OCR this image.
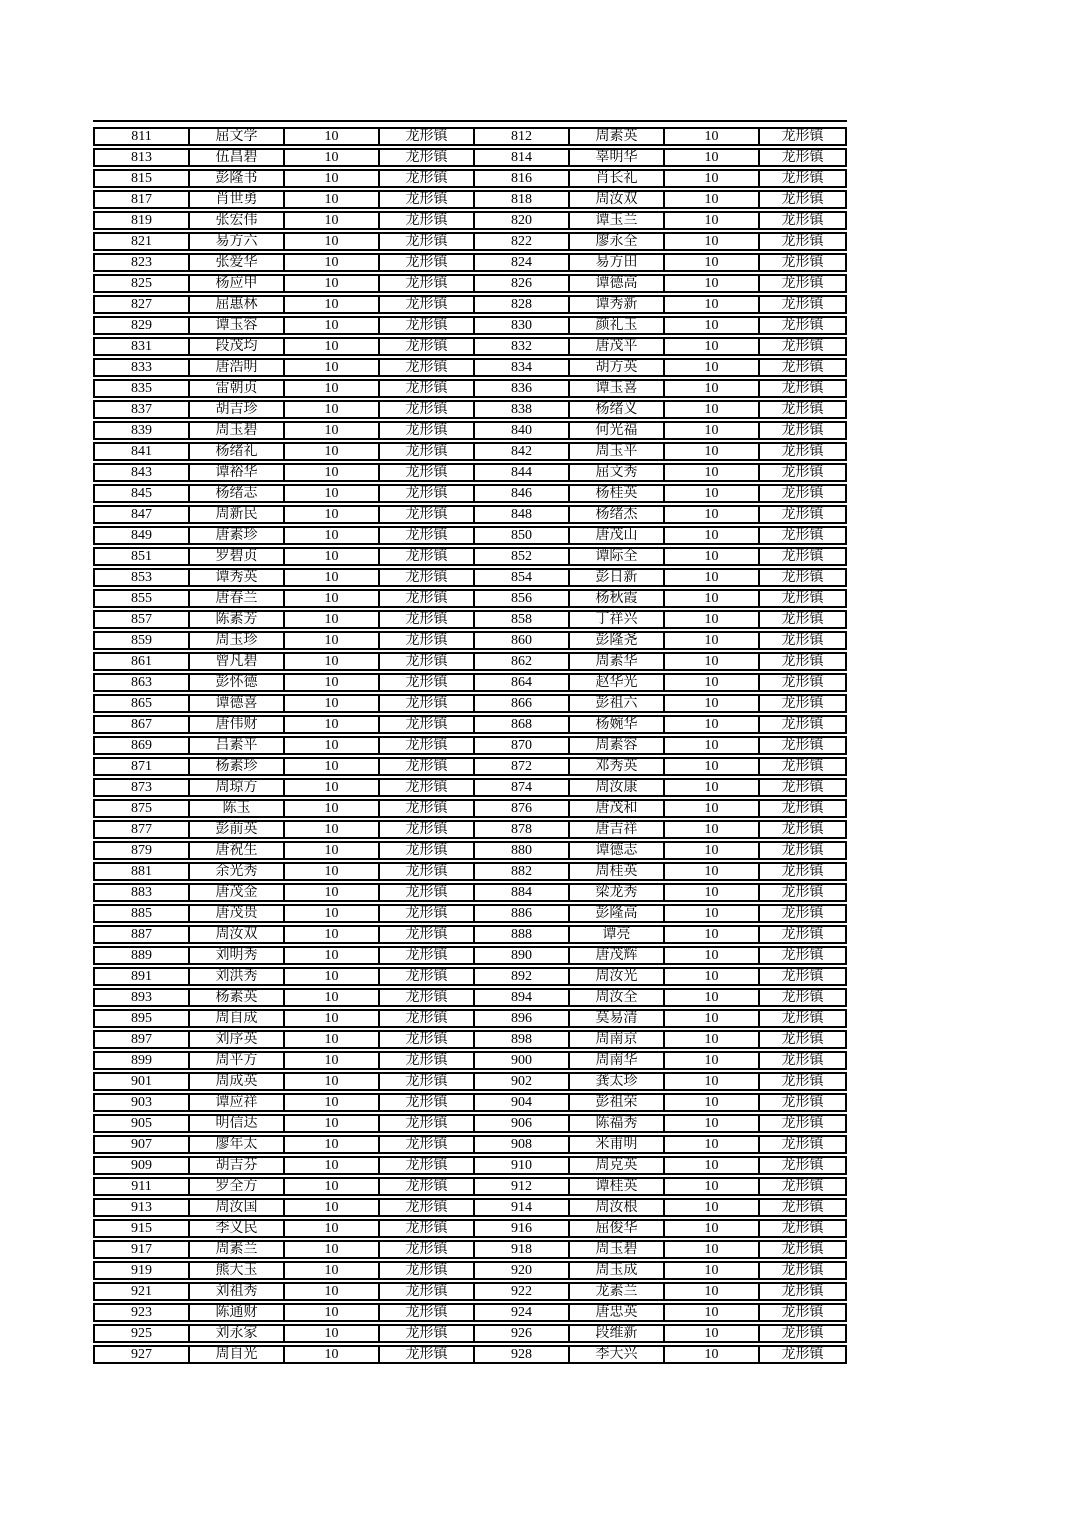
811	屈文学	10	龙形镇	812	周素英	10	龙形镇
813	伍昌碧	10	龙形镇	814	辜明华	10	龙形镇
815	彭隆书	10	龙形镇	816	肖长礼	10	龙形镇
817	肖世勇	10	龙形镇	818	周汝双	10	龙形镇
819	张宏伟	10	龙形镇	820	谭玉兰	10	龙形镇
821	易方六	10	龙形镇	822	廖永全	10	龙形镇
823	张爱华	10	龙形镇	824	易方田	10	龙形镇
825	杨应甲	10	龙形镇	826	谭德高	10	龙形镇
827	屈惠林	10	龙形镇	828	谭秀新	10	龙形镇
829	谭玉容	10	龙形镇	830	颜礼玉	10	龙形镇
831	段茂均	10	龙形镇	832	唐茂平	10	龙形镇
833	唐浩明	10	龙形镇	834	胡方英	10	龙形镇
835	雷朝贞	10	龙形镇	836	谭玉喜	10	龙形镇
837	胡吉珍	10	龙形镇	838	杨绪义	10	龙形镇
839	周玉碧	10	龙形镇	840	何光福	10	龙形镇
841	杨绪礼	10	龙形镇	842	周玉平	10	龙形镇
843	谭裕华	10	龙形镇	844	屈文秀	10	龙形镇
845	杨绪志	10	龙形镇	846	杨桂英	10	龙形镇
847	周新民	10	龙形镇	848	杨绪杰	10	龙形镇
849	唐素珍	10	龙形镇	850	唐茂山	10	龙形镇
851	罗碧贞	10	龙形镇	852	谭际全	10	龙形镇
853	谭秀英	10	龙形镇	854	彭日新	10	龙形镇
855	唐春兰	10	龙形镇	856	杨秋霞	10	龙形镇
857	陈素芳	10	龙形镇	858	丁祥兴	10	龙形镇
859	周玉珍	10	龙形镇	860	彭隆尧	10	龙形镇
861	曾凡碧	10	龙形镇	862	周素华	10	龙形镇
863	彭怀德	10	龙形镇	864	赵华光	10	龙形镇
865	谭德喜	10	龙形镇	866	彭祖六	10	龙形镇
867	唐伟财	10	龙形镇	868	杨婉华	10	龙形镇
869	吕素平	10	龙形镇	870	周素容	10	龙形镇
871	杨素珍	10	龙形镇	872	邓秀英	10	龙形镇
873	周琼方	10	龙形镇	874	周汝康	10	龙形镇
875	陈玉	10	龙形镇	876	唐茂和	10	龙形镇
877	彭前英	10	龙形镇	878	唐吉祥	10	龙形镇
879	唐祝生	10	龙形镇	880	谭德志	10	龙形镇
881	余光秀	10	龙形镇	882	周桂英	10	龙形镇
883	唐茂金	10	龙形镇	884	梁龙秀	10	龙形镇
885	唐茂贵	10	龙形镇	886	彭隆高	10	龙形镇
887	周汝双	10	龙形镇	888	谭亮	10	龙形镇
889	刘明秀	10	龙形镇	890	唐茂辉	10	龙形镇
891	刘洪秀	10	龙形镇	892	周汝光	10	龙形镇
893	杨素英	10	龙形镇	894	周汝全	10	龙形镇
895	周自成	10	龙形镇	896	莫易清	10	龙形镇
897	刘序英	10	龙形镇	898	周南京	10	龙形镇
899	周平方	10	龙形镇	900	周南华	10	龙形镇
901	周成英	10	龙形镇	902	龚太珍	10	龙形镇
903	谭应祥	10	龙形镇	904	彭祖荣	10	龙形镇
905	明信达	10	龙形镇	906	陈福秀	10	龙形镇
907	廖年太	10	龙形镇	908	米甫明	10	龙形镇
909	胡吉芬	10	龙形镇	910	周克英	10	龙形镇
911	罗全方	10	龙形镇	912	谭桂英	10	龙形镇
913	周汝国	10	龙形镇	914	周汝根	10	龙形镇
915	李义民	10	龙形镇	916	屈俊华	10	龙形镇
917	周素兰	10	龙形镇	918	周玉碧	10	龙形镇
919	熊大玉	10	龙形镇	920	周玉成	10	龙形镇
921	刘祖秀	10	龙形镇	922	龙素兰	10	龙形镇
923	陈通财	10	龙形镇	924	唐忠英	10	龙形镇
925	刘永家	10	龙形镇	926	段维新	10	龙形镇
927	周自光	10	龙形镇	928	李大兴	10	龙形镇
